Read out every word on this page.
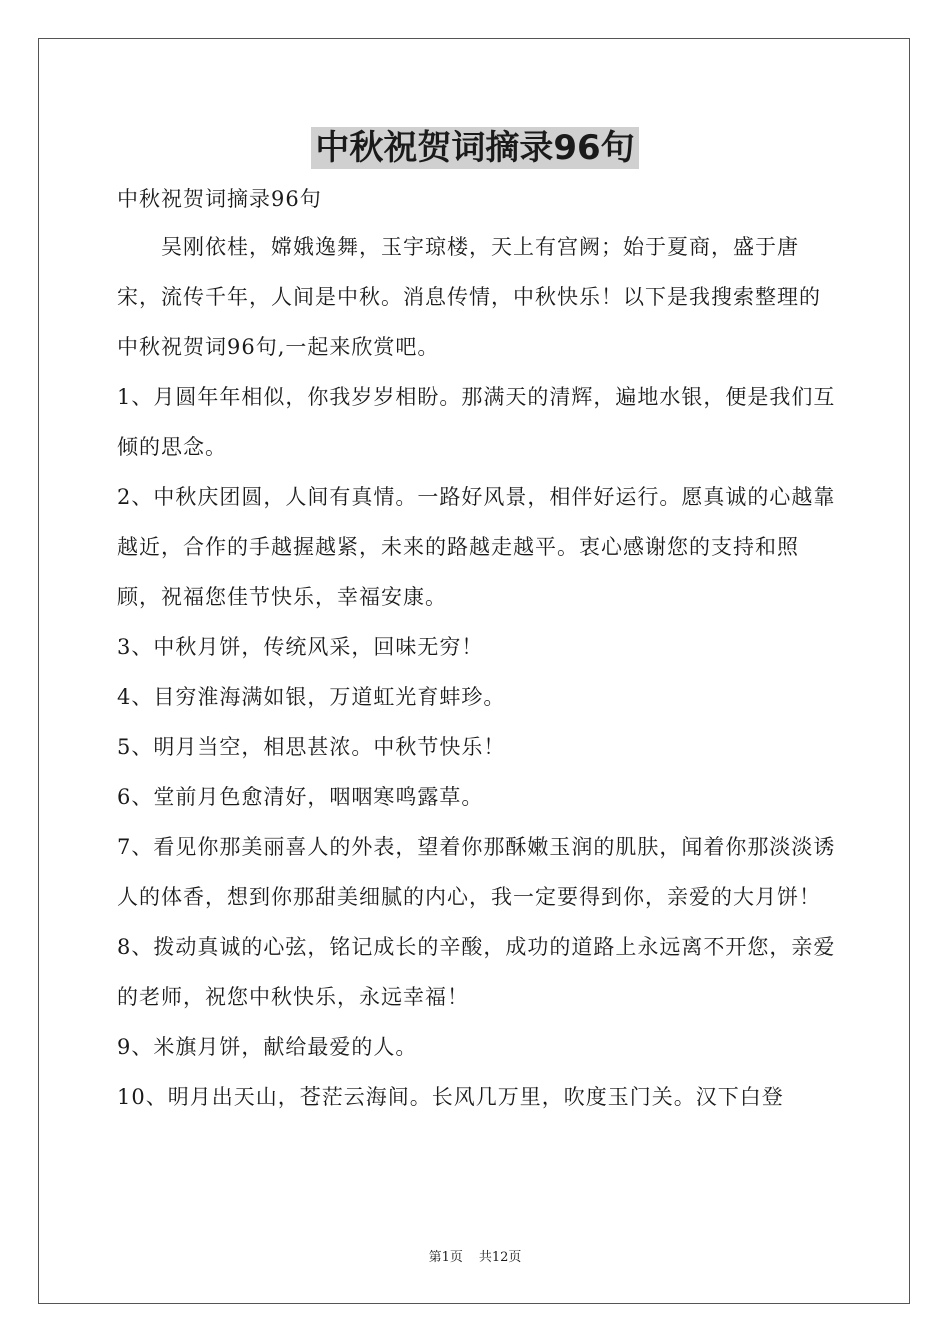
中秋祝贺词摘录96句

中秋祝贺词摘录96句

吴刚依桂，嫦娥逸舞，玉宇琼楼，天上有宫阙；始于夏商，盛于唐宋，流传千年，人间是中秋。消息传情，中秋快乐！以下是我搜索整理的中秋祝贺词96句,一起来欣赏吧。

1、月圆年年相似，你我岁岁相盼。那满天的清辉，遍地水银，便是我们互倾的思念。

2、中秋庆团圆，人间有真情。一路好风景，相伴好运行。愿真诚的心越靠越近，合作的手越握越紧，未来的路越走越平。衷心感谢您的支持和照顾，祝福您佳节快乐，幸福安康。

3、中秋月饼，传统风采，回味无穷！

4、目穷淮海满如银，万道虹光育蚌珍。

5、明月当空，相思甚浓。中秋节快乐！

6、堂前月色愈清好，咽咽寒鸣露草。

7、看见你那美丽喜人的外表，望着你那酥嫩玉润的肌肤，闻着你那淡淡诱人的体香，想到你那甜美细腻的内心，我一定要得到你，亲爱的大月饼！

8、拨动真诚的心弦，铭记成长的辛酸，成功的道路上永远离不开您，亲爱的老师，祝您中秋快乐，永远幸福！

9、米旗月饼，献给最爱的人。

10、明月出天山，苍茫云海间。长风几万里，吹度玉门关。汉下白登

第1页 共12页
